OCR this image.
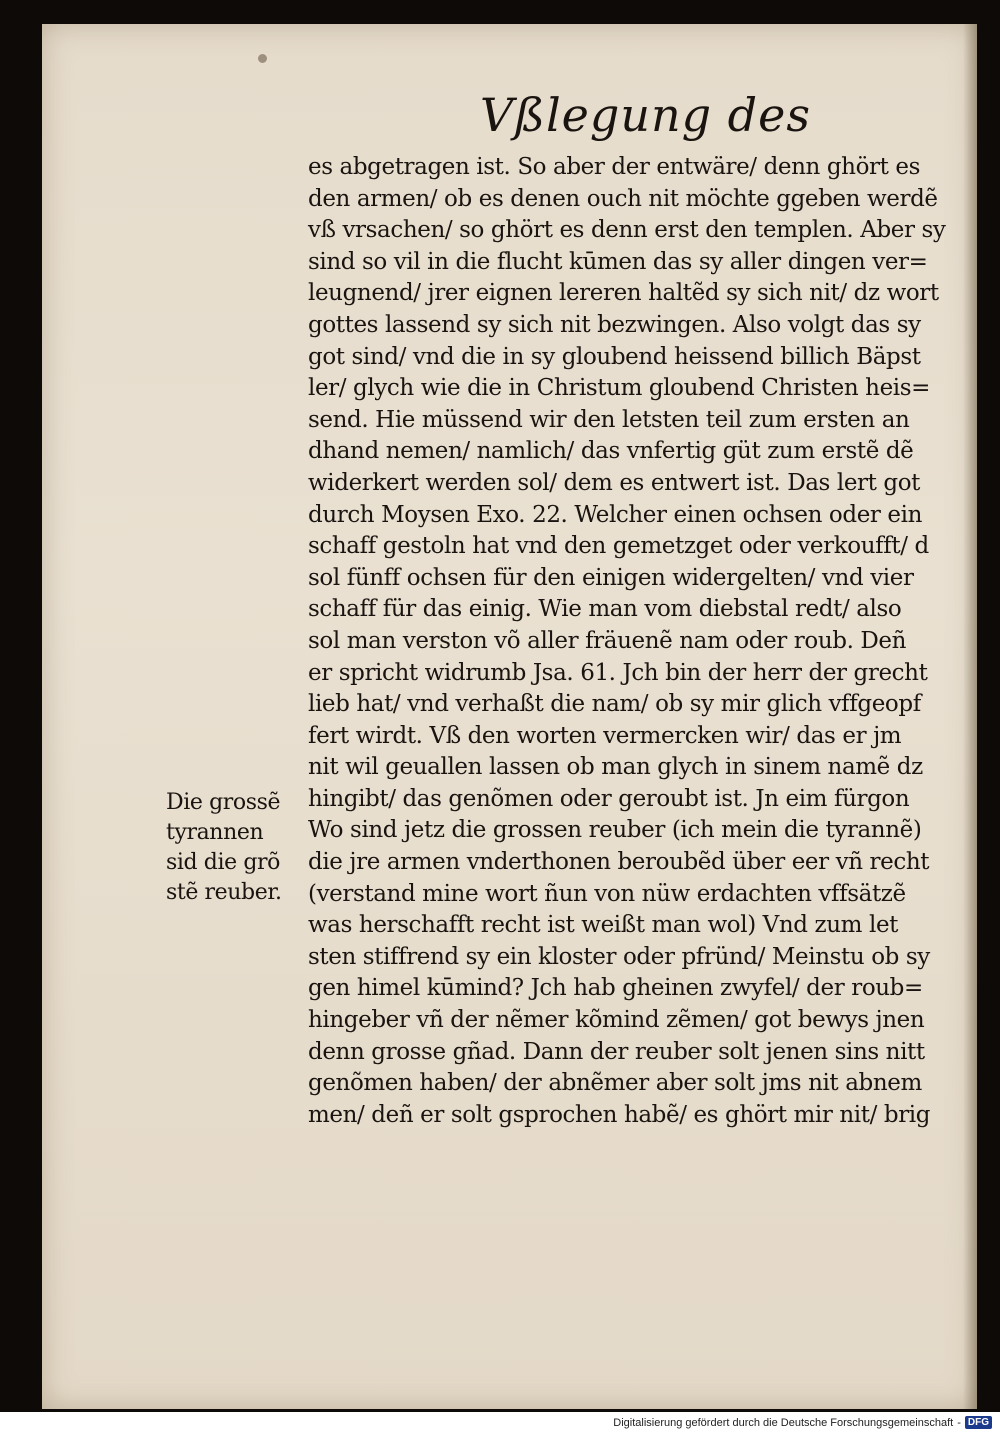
Vßlegung des
es abgetragen ist. So aber der entwäre/ denn ghört es
den armen/ ob es denen ouch nit möchte ggeben werdẽ
vß vrsachen/ so ghört es denn erst den templen. Aber sy
sind so vil in die flucht kūmen das sy aller dingen ver=
leugnend/ jrer eignen lereren haltẽd sy sich nit/ dz wort
gottes lassend sy sich nit bezwingen. Also volgt das sy
got sind/ vnd die in sy gloubend heissend billich Bäpst
ler/ glych wie die in Christum gloubend Christen heis=
send. Hie müssend wir den letsten teil zum ersten an
dhand nemen/ namlich/ das vnfertig güt zum erstẽ dẽ
widerkert werden sol/ dem es entwert ist. Das lert got
durch Moysen Exo. 22. Welcher einen ochsen oder ein
schaff gestoln hat vnd den gemetzget oder verkoufft/ d
sol fünff ochsen für den einigen widergelten/ vnd vier
schaff für das einig. Wie man vom diebstal redt/ also
sol man verston võ aller fräuenẽ nam oder roub. Deñ
er spricht widrumb Jsa. 61. Jch bin der herr der grecht
lieb hat/ vnd verhaßt die nam/ ob sy mir glich vffgeopf
fert wirdt. Vß den worten vermercken wir/ das er jm
nit wil geuallen lassen ob man glych in sinem namẽ dz
hingibt/ das genõmen oder geroubt ist. Jn eim fürgon
Wo sind jetz die grossen reuber (ich mein die tyrannẽ)
die jre armen vnderthonen beroubẽd über eer vñ recht
(verstand mine wort ñun von nüw erdachten vffsätzẽ
was herschafft recht ist weißt man wol) Vnd zum let
sten stiffrend sy ein kloster oder pfründ/ Meinstu ob sy
gen himel kūmind? Jch hab gheinen zwyfel/ der roub=
hingeber vñ der nẽmer kõmind zẽmen/ got bewys jnen
denn grosse gñad. Dann der reuber solt jenen sins nitt
genõmen haben/ der abnẽmer aber solt jms nit abnem
men/ deñ er solt gsprochen habẽ/ es ghört mir nit/ brig
Die grossẽ
tyrannen
sid die grõ
stẽ reuber.
Digitalisierung gefördert durch die Deutsche Forschungsgemeinschaft - DFG
